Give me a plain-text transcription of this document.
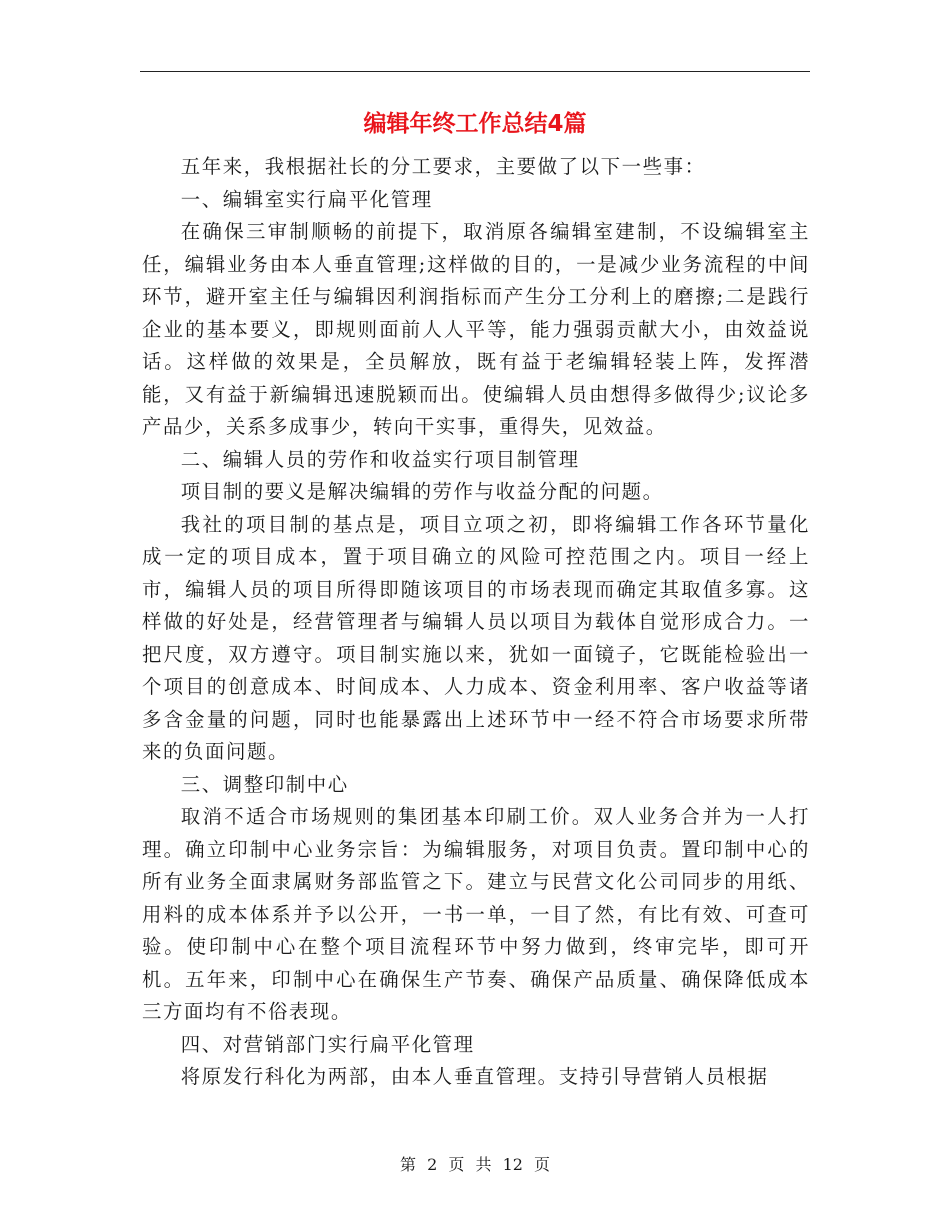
编辑年终工作总结4篇

五年来，我根据社长的分工要求，主要做了以下一些事：

一、编辑室实行扁平化管理

在确保三审制顺畅的前提下，取消原各编辑室建制，不设编辑室主任，编辑业务由本人垂直管理;这样做的目的，一是减少业务流程的中间环节，避开室主任与编辑因利润指标而产生分工分利上的磨擦;二是践行企业的基本要义，即规则面前人人平等，能力强弱贡献大小，由效益说话。这样做的效果是，全员解放，既有益于老编辑轻装上阵，发挥潜能，又有益于新编辑迅速脱颖而出。使编辑人员由想得多做得少;议论多产品少，关系多成事少，转向干实事，重得失，见效益。

二、编辑人员的劳作和收益实行项目制管理

项目制的要义是解决编辑的劳作与收益分配的问题。

我社的项目制的基点是，项目立项之初，即将编辑工作各环节量化成一定的项目成本，置于项目确立的风险可控范围之内。项目一经上市，编辑人员的项目所得即随该项目的市场表现而确定其取值多寡。这样做的好处是，经营管理者与编辑人员以项目为载体自觉形成合力。一把尺度，双方遵守。项目制实施以来，犹如一面镜子，它既能检验出一个项目的创意成本、时间成本、人力成本、资金利用率、客户收益等诸多含金量的问题，同时也能暴露出上述环节中一经不符合市场要求所带来的负面问题。

三、调整印制中心

取消不适合市场规则的集团基本印刷工价。双人业务合并为一人打理。确立印制中心业务宗旨：为编辑服务，对项目负责。置印制中心的所有业务全面隶属财务部监管之下。建立与民营文化公司同步的用纸、用料的成本体系并予以公开，一书一单，一目了然，有比有效、可查可验。使印制中心在整个项目流程环节中努力做到，终审完毕，即可开机。五年来，印制中心在确保生产节奏、确保产品质量、确保降低成本三方面均有不俗表现。

四、对营销部门实行扁平化管理

将原发行科化为两部，由本人垂直管理。支持引导营销人员根据

第 2 页 共 12 页
